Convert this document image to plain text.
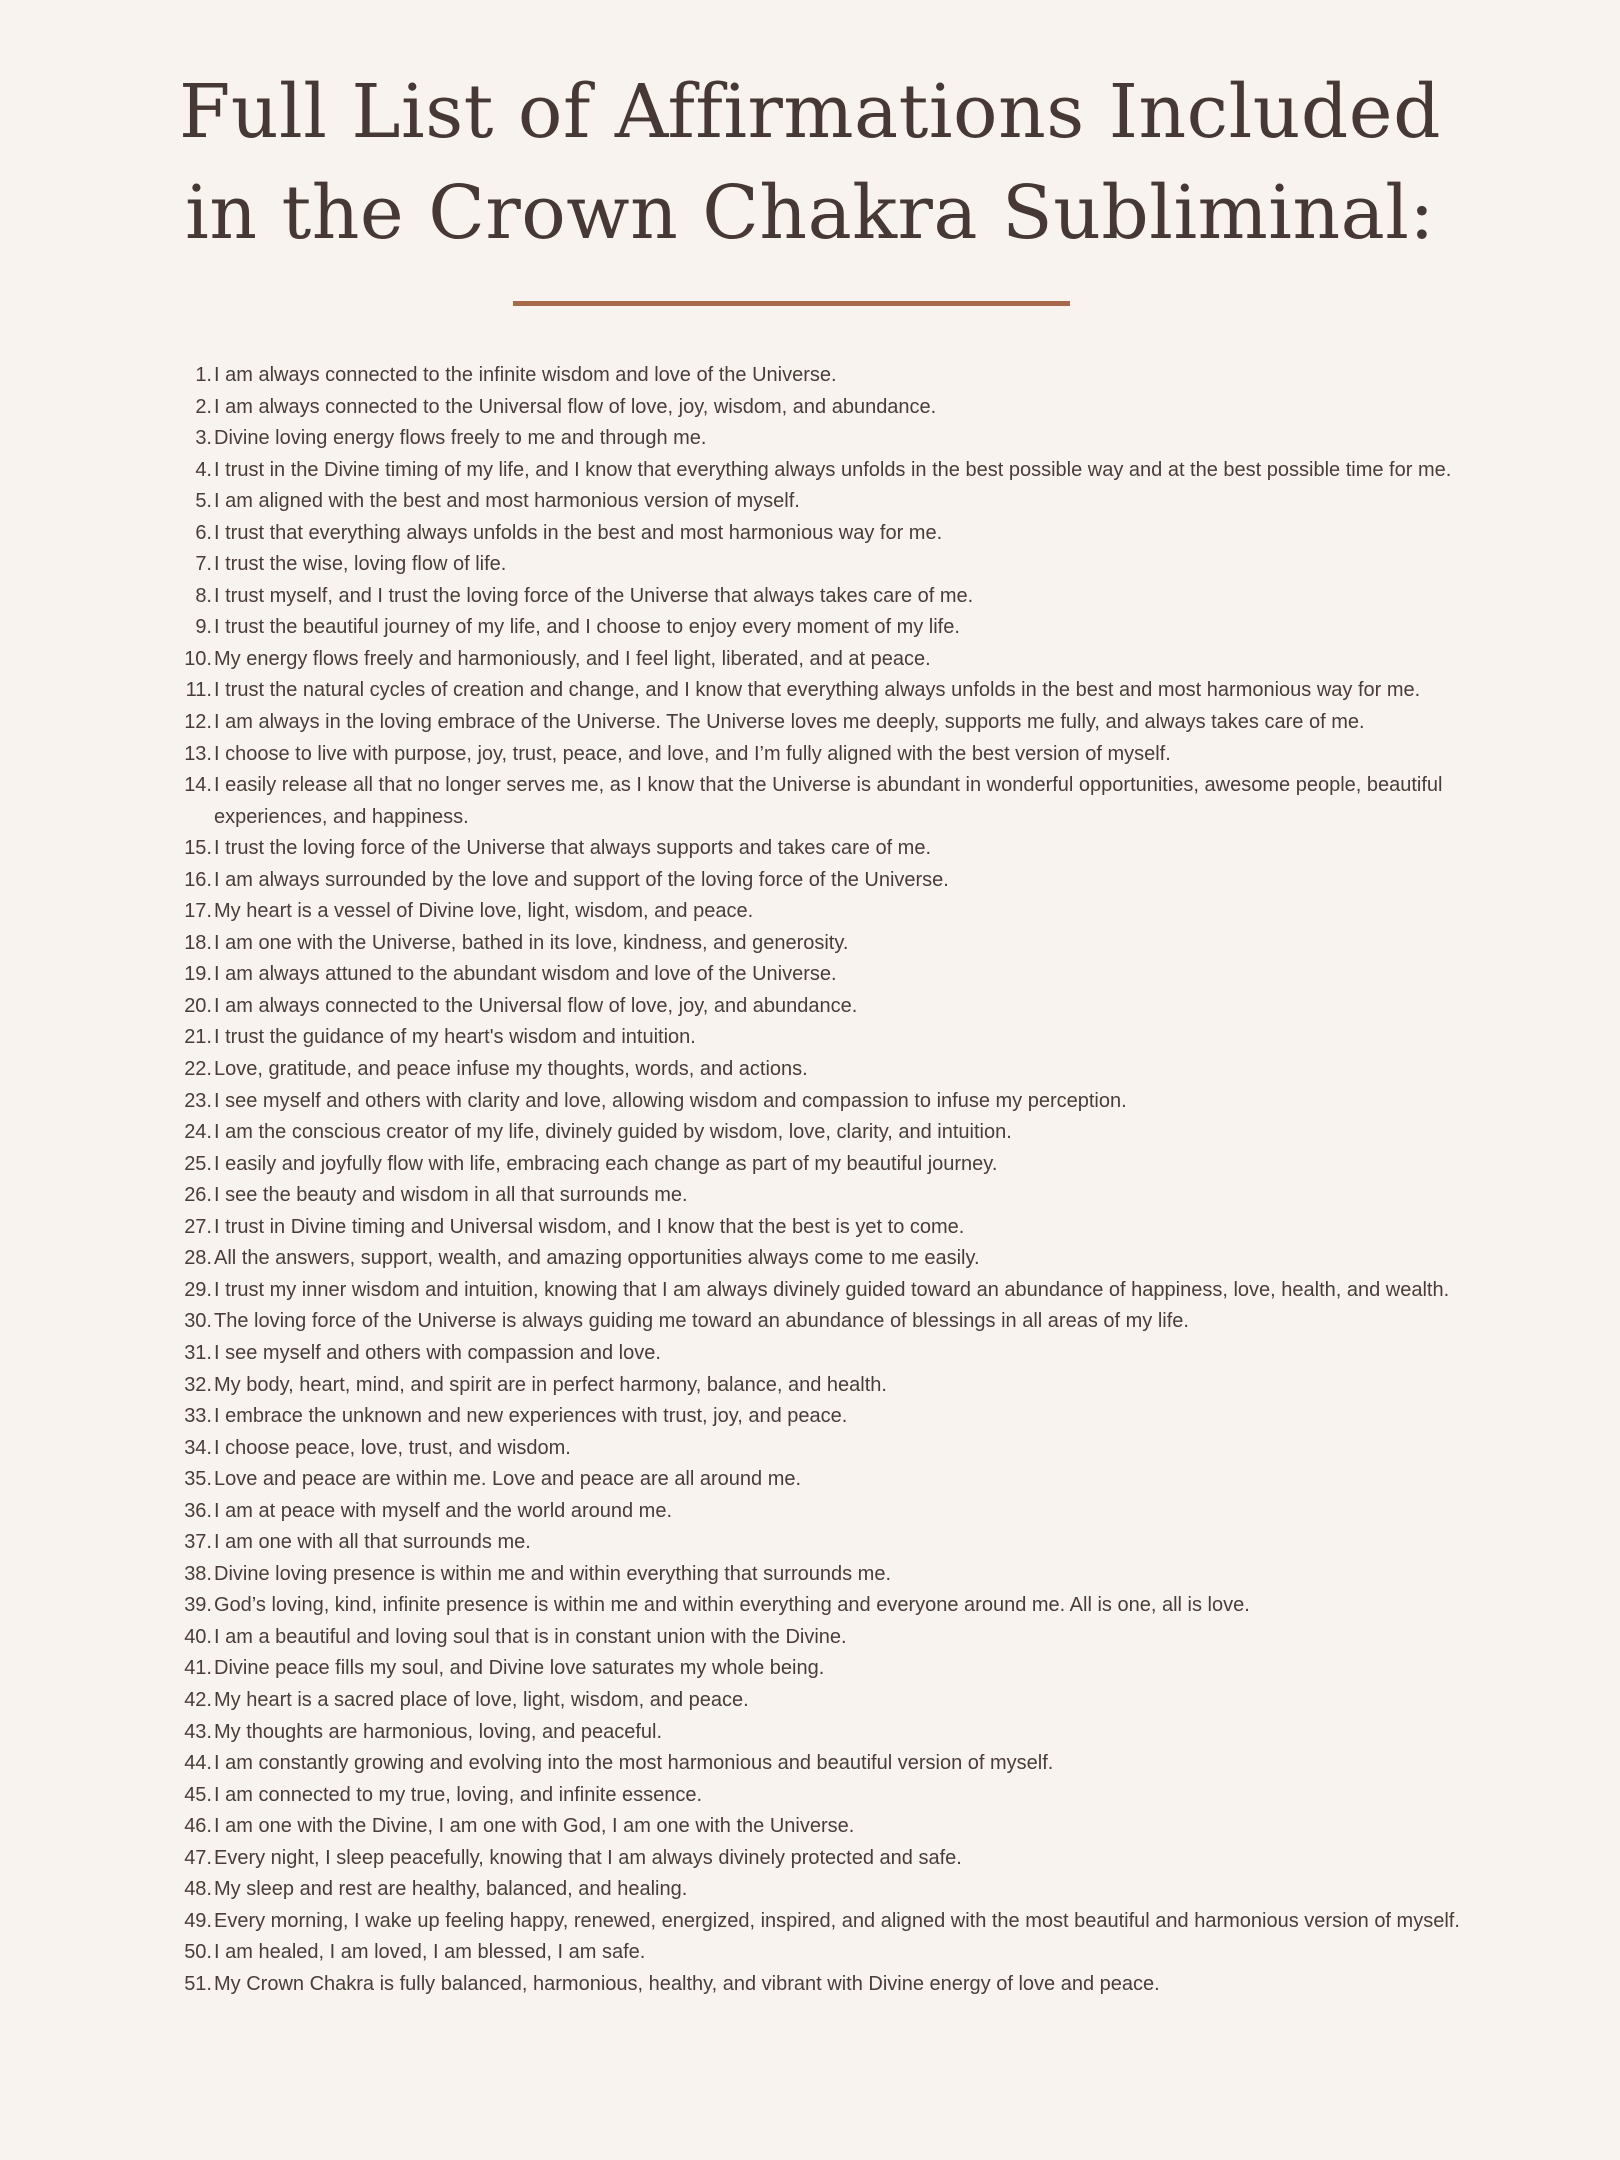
Full List of Affirmations Included
in the Crown Chakra Subliminal:
1. I am always connected to the infinite wisdom and love of the Universe.
2. I am always connected to the Universal flow of love, joy, wisdom, and abundance.
3. Divine loving energy flows freely to me and through me.
4. I trust in the Divine timing of my life, and I know that everything always unfolds in the best possible way and at the best possible time for me.
5. I am aligned with the best and most harmonious version of myself.
6. I trust that everything always unfolds in the best and most harmonious way for me.
7. I trust the wise, loving flow of life.
8. I trust myself, and I trust the loving force of the Universe that always takes care of me.
9. I trust the beautiful journey of my life, and I choose to enjoy every moment of my life.
10. My energy flows freely and harmoniously, and I feel light, liberated, and at peace.
11. I trust the natural cycles of creation and change, and I know that everything always unfolds in the best and most harmonious way for me.
12. I am always in the loving embrace of the Universe. The Universe loves me deeply, supports me fully, and always takes care of me.
13. I choose to live with purpose, joy, trust, peace, and love, and I’m fully aligned with the best version of myself.
14. I easily release all that no longer serves me, as I know that the Universe is abundant in wonderful opportunities, awesome people, beautiful experiences, and happiness.
15. I trust the loving force of the Universe that always supports and takes care of me.
16. I am always surrounded by the love and support of the loving force of the Universe.
17. My heart is a vessel of Divine love, light, wisdom, and peace.
18. I am one with the Universe, bathed in its love, kindness, and generosity.
19. I am always attuned to the abundant wisdom and love of the Universe.
20. I am always connected to the Universal flow of love, joy, and abundance.
21. I trust the guidance of my heart's wisdom and intuition.
22. Love, gratitude, and peace infuse my thoughts, words, and actions.
23. I see myself and others with clarity and love, allowing wisdom and compassion to infuse my perception.
24. I am the conscious creator of my life, divinely guided by wisdom, love, clarity, and intuition.
25. I easily and joyfully flow with life, embracing each change as part of my beautiful journey.
26. I see the beauty and wisdom in all that surrounds me.
27. I trust in Divine timing and Universal wisdom, and I know that the best is yet to come.
28. All the answers, support, wealth, and amazing opportunities always come to me easily.
29. I trust my inner wisdom and intuition, knowing that I am always divinely guided toward an abundance of happiness, love, health, and wealth.
30. The loving force of the Universe is always guiding me toward an abundance of blessings in all areas of my life.
31. I see myself and others with compassion and love.
32. My body, heart, mind, and spirit are in perfect harmony, balance, and health.
33. I embrace the unknown and new experiences with trust, joy, and peace.
34. I choose peace, love, trust, and wisdom.
35. Love and peace are within me. Love and peace are all around me.
36. I am at peace with myself and the world around me.
37. I am one with all that surrounds me.
38. Divine loving presence is within me and within everything that surrounds me.
39. God’s loving, kind, infinite presence is within me and within everything and everyone around me. All is one, all is love.
40. I am a beautiful and loving soul that is in constant union with the Divine.
41. Divine peace fills my soul, and Divine love saturates my whole being.
42. My heart is a sacred place of love, light, wisdom, and peace.
43. My thoughts are harmonious, loving, and peaceful.
44. I am constantly growing and evolving into the most harmonious and beautiful version of myself.
45. I am connected to my true, loving, and infinite essence.
46. I am one with the Divine, I am one with God, I am one with the Universe.
47. Every night, I sleep peacefully, knowing that I am always divinely protected and safe.
48. My sleep and rest are healthy, balanced, and healing.
49. Every morning, I wake up feeling happy, renewed, energized, inspired, and aligned with the most beautiful and harmonious version of myself.
50. I am healed, I am loved, I am blessed, I am safe.
51. My Crown Chakra is fully balanced, harmonious, healthy, and vibrant with Divine energy of love and peace.
